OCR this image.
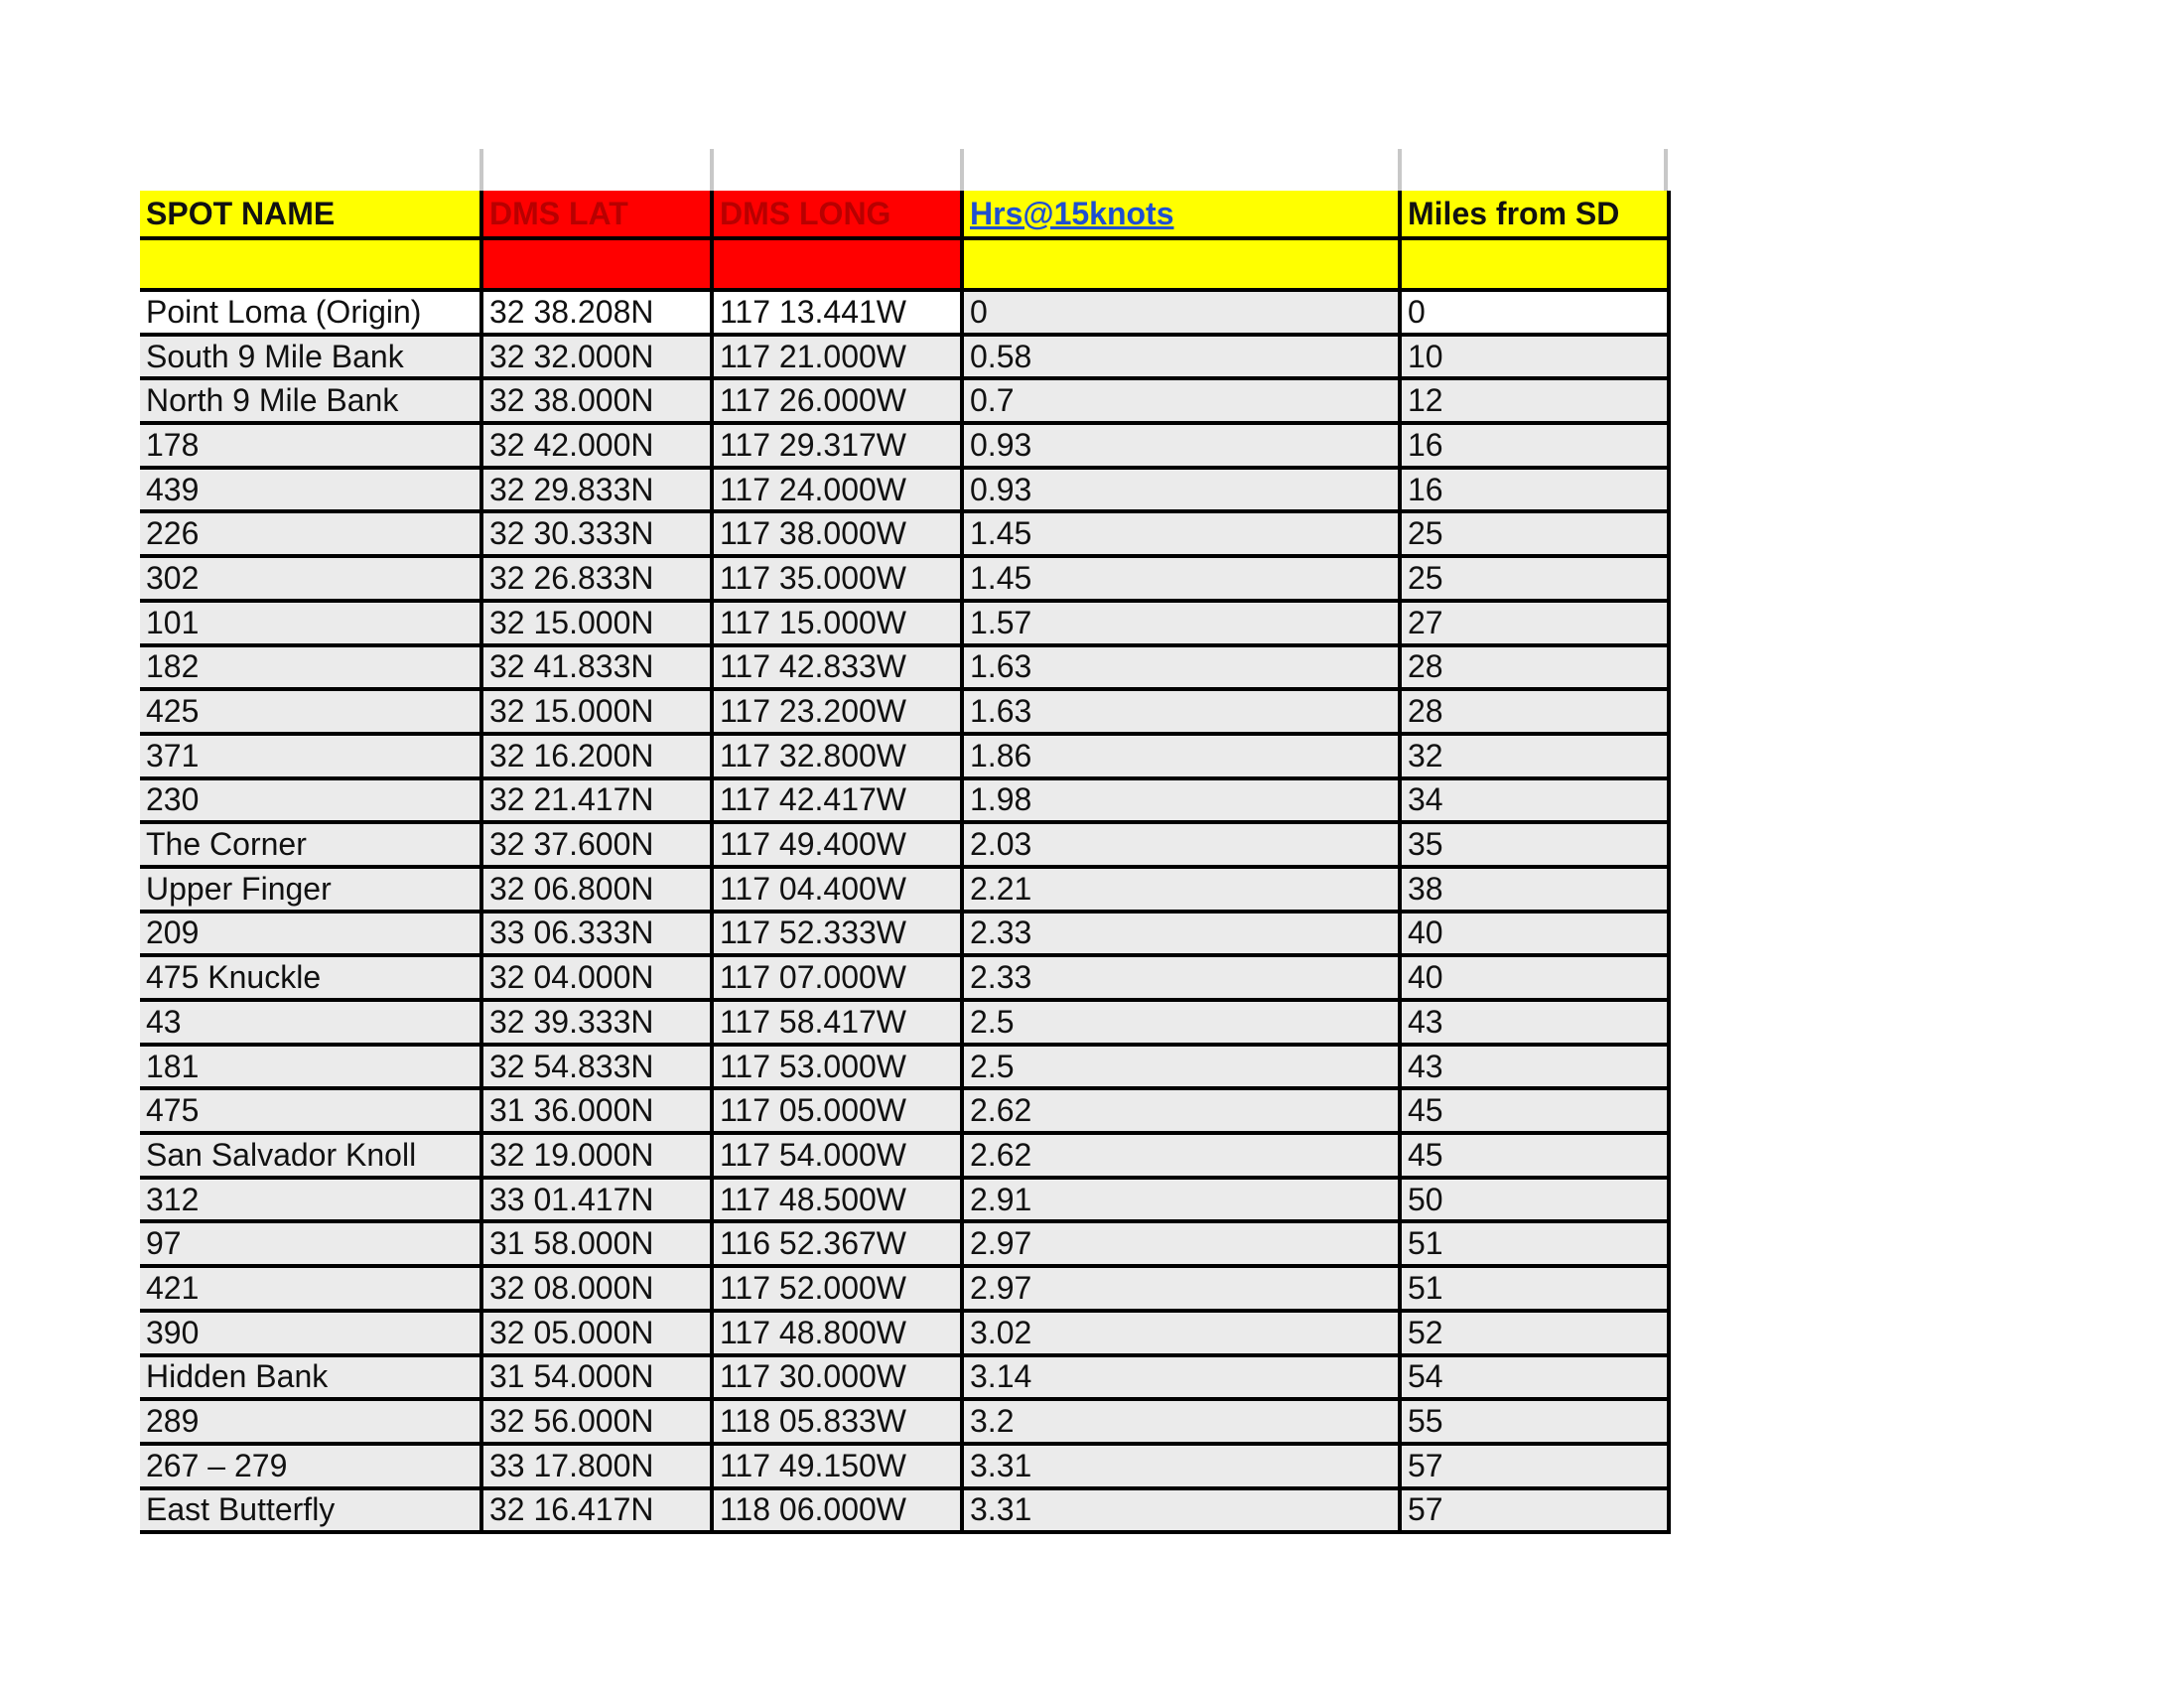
SPOT NAME	DMS LAT	DMS LONG	Hrs@15knots	Miles from SD

Point Loma (Origin)	32 38.208N	117 13.441W	0	0
South 9 Mile Bank	32 32.000N	117 21.000W	0.58	10
North 9 Mile Bank	32 38.000N	117 26.000W	0.7	12
178	32 42.000N	117 29.317W	0.93	16
439	32 29.833N	117 24.000W	0.93	16
226	32 30.333N	117 38.000W	1.45	25
302	32 26.833N	117 35.000W	1.45	25
101	32 15.000N	117 15.000W	1.57	27
182	32 41.833N	117 42.833W	1.63	28
425	32 15.000N	117 23.200W	1.63	28
371	32 16.200N	117 32.800W	1.86	32
230	32 21.417N	117 42.417W	1.98	34
The Corner	32 37.600N	117 49.400W	2.03	35
Upper Finger	32 06.800N	117 04.400W	2.21	38
209	33 06.333N	117 52.333W	2.33	40
475 Knuckle	32 04.000N	117 07.000W	2.33	40
43	32 39.333N	117 58.417W	2.5	43
181	32 54.833N	117 53.000W	2.5	43
475	31 36.000N	117 05.000W	2.62	45
San Salvador Knoll	32 19.000N	117 54.000W	2.62	45
312	33 01.417N	117 48.500W	2.91	50
97	31 58.000N	116 52.367W	2.97	51
421	32 08.000N	117 52.000W	2.97	51
390	32 05.000N	117 48.800W	3.02	52
Hidden Bank	31 54.000N	117 30.000W	3.14	54
289	32 56.000N	118 05.833W	3.2	55
267 – 279	33 17.800N	117 49.150W	3.31	57
East Butterfly	32 16.417N	118 06.000W	3.31	57
